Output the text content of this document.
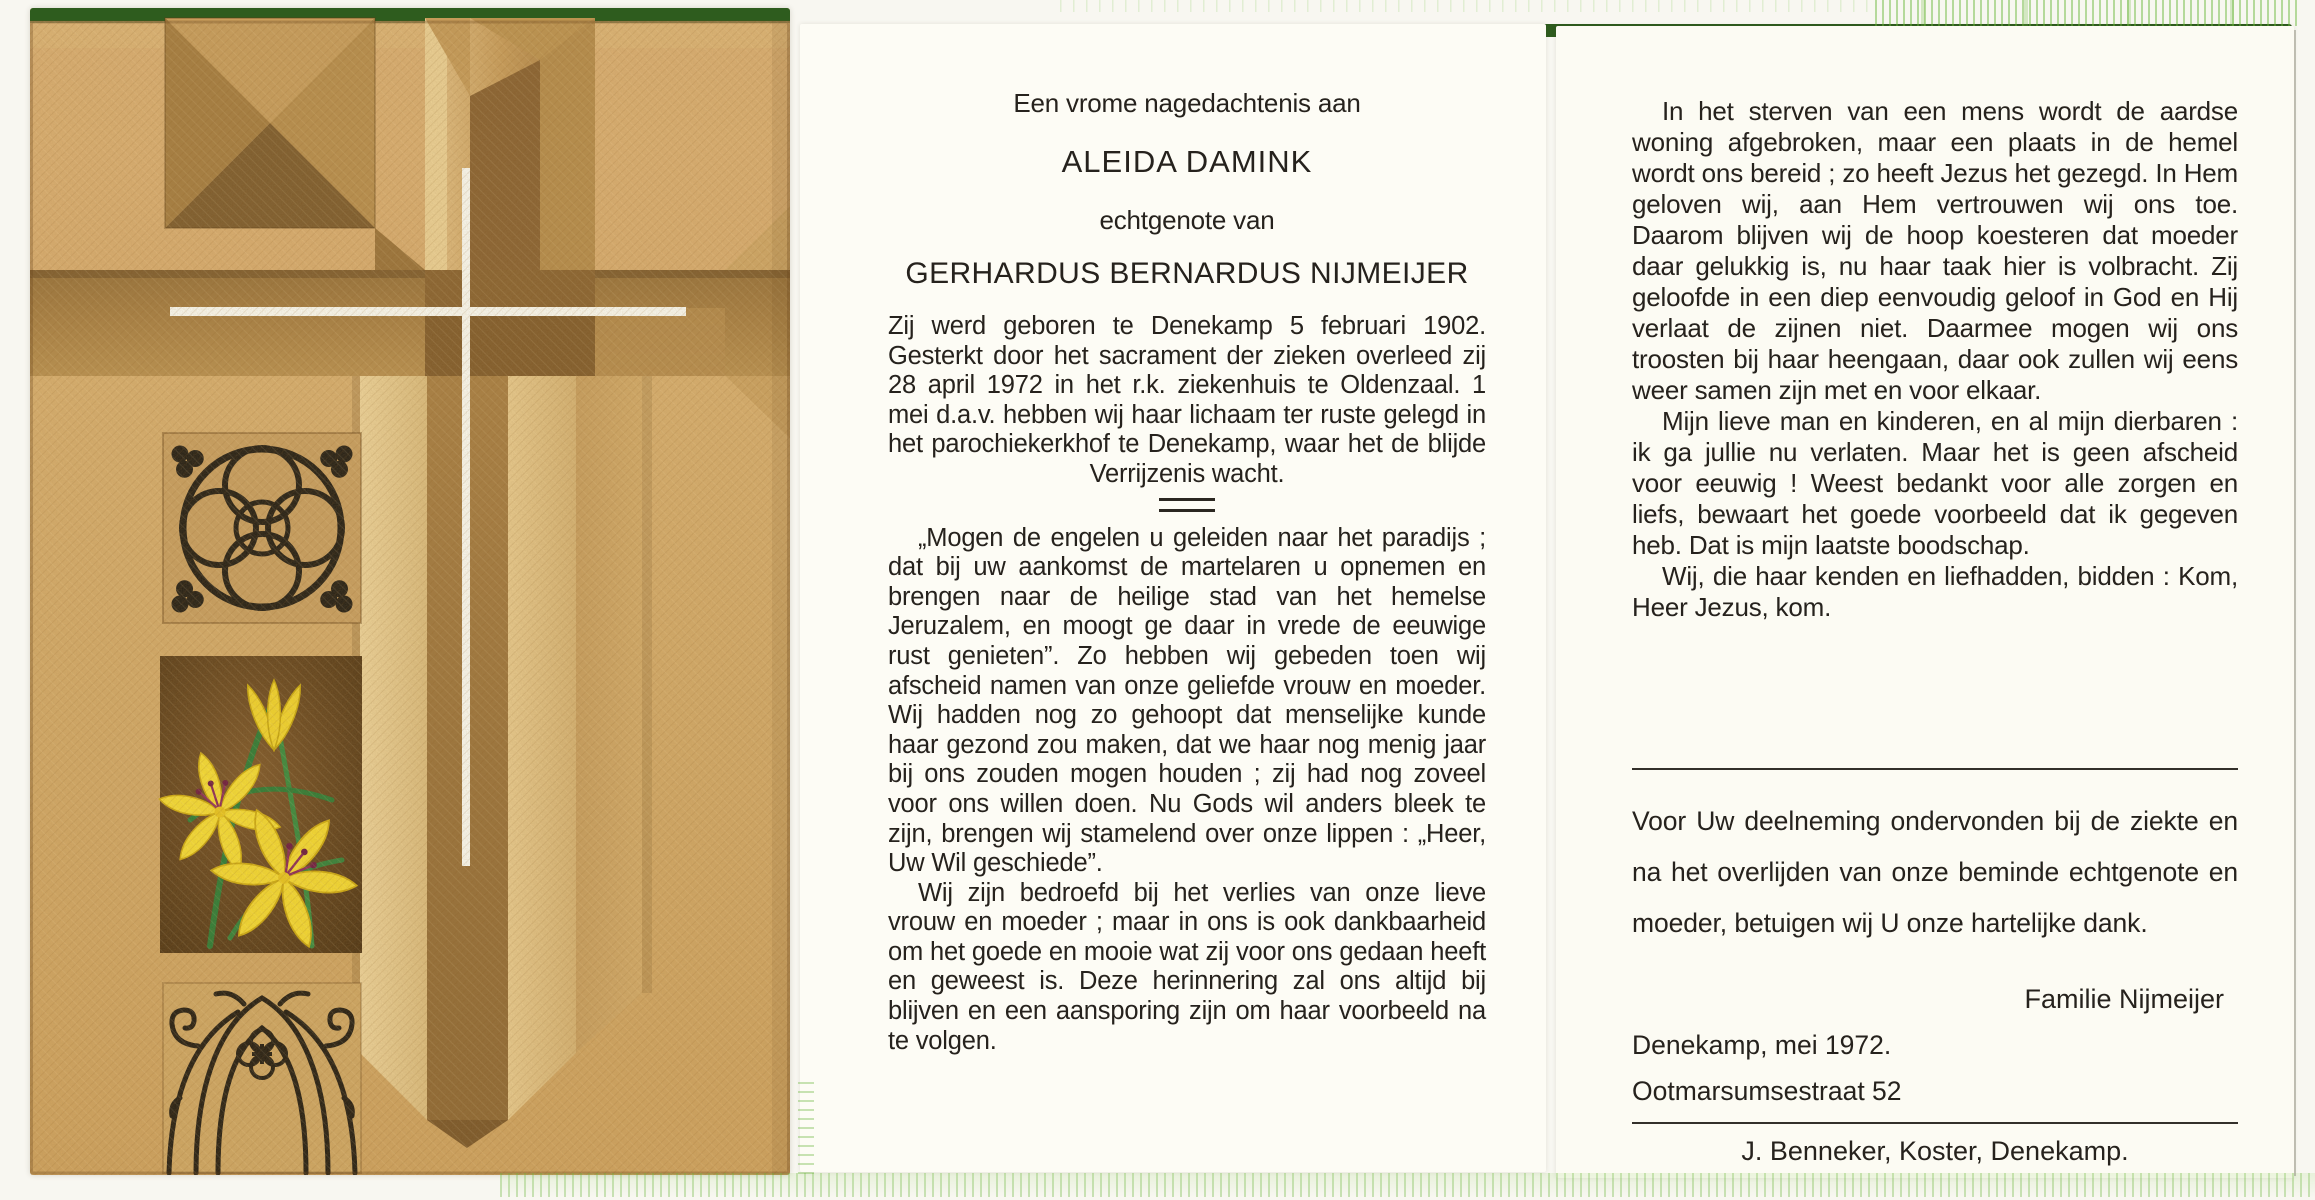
Een vrome nagedachtenis aan
ALEIDA DAMINK
echtgenote van
GERHARDUS BERNARDUS NIJMEIJER

Zij werd geboren te Denekamp 5 februari 1902. Gesterkt door het sacrament der zieken overleed zij 28 april 1972 in het r.k. ziekenhuis te Oldenzaal. 1 mei d.a.v. hebben wij haar lichaam ter ruste gelegd in het parochiekerkhof te Denekamp, waar het de blijde Verrijzenis wacht.

„Mogen de engelen u geleiden naar het paradijs ; dat bij uw aankomst de martelaren u opnemen en brengen naar de heilige stad van het hemelse Jeruzalem, en moogt ge daar in vrede de eeuwige rust genieten”. Zo hebben wij gebeden toen wij afscheid namen van onze geliefde vrouw en moeder. Wij hadden nog zo gehoopt dat menselijke kunde haar gezond zou maken, dat we haar nog menig jaar bij ons zouden mogen houden ; zij had nog zoveel voor ons willen doen. Nu Gods wil anders bleek te zijn, brengen wij stamelend over onze lippen : „Heer, Uw Wil geschiede”.

Wij zijn bedroefd bij het verlies van onze lieve vrouw en moeder ; maar in ons is ook dankbaarheid om het goede en mooie wat zij voor ons gedaan heeft en geweest is. Deze herinnering zal ons altijd bij blijven en een aansporing zijn om haar voorbeeld na te volgen.

In het sterven van een mens wordt de aardse woning afgebroken, maar een plaats in de hemel wordt ons bereid ; zo heeft Jezus het gezegd. In Hem geloven wij, aan Hem vertrouwen wij ons toe. Daarom blijven wij de hoop koesteren dat moeder daar gelukkig is, nu haar taak hier is volbracht. Zij geloofde in een diep eenvoudig geloof in God en Hij verlaat de zijnen niet. Daarmee mogen wij ons troosten bij haar heengaan, daar ook zullen wij eens weer samen zijn met en voor elkaar.

Mijn lieve man en kinderen, en al mijn dierbaren : ik ga jullie nu verlaten. Maar het is geen afscheid voor eeuwig ! Weest bedankt voor alle zorgen en liefs, bewaart het goede voorbeeld dat ik gegeven heb. Dat is mijn laatste boodschap.

Wij, die haar kenden en liefhadden, bidden : Kom, Heer Jezus, kom.

Voor Uw deelneming ondervonden bij de ziekte en na het overlijden van onze beminde echtgenote en moeder, betuigen wij U onze hartelijke dank.
Familie Nijmeijer
Denekamp, mei 1972.
Ootmarsumsestraat 52
J. Benneker, Koster, Denekamp.
